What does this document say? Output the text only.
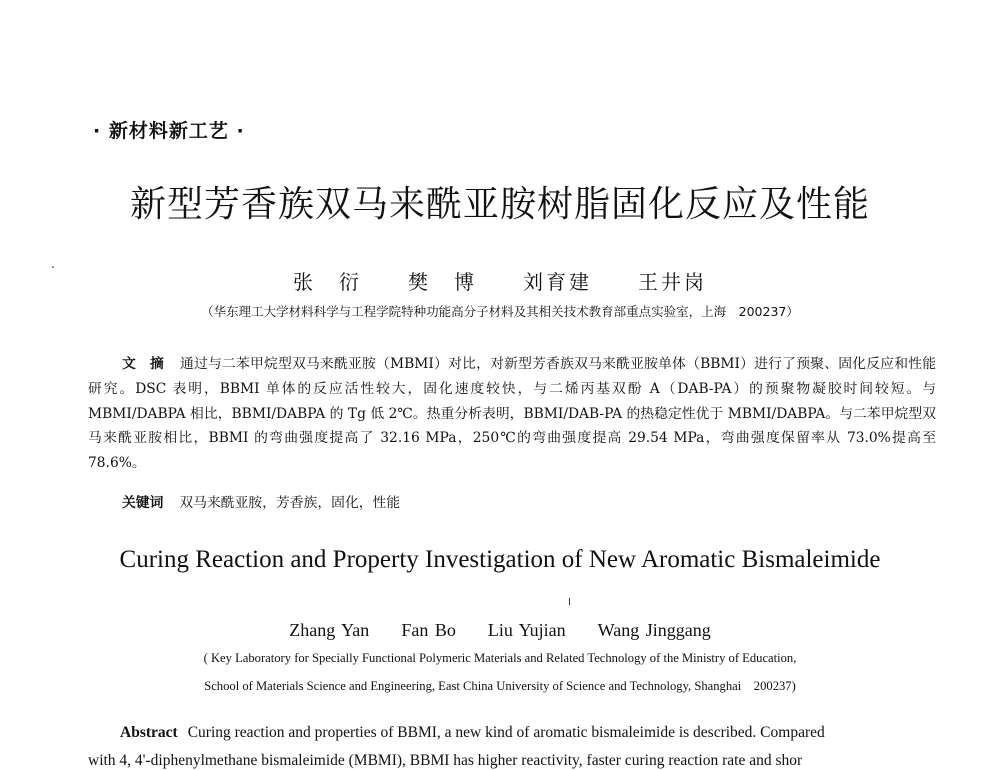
· 新材料新工艺 ·
新型芳香族双马来酰亚胺树脂固化反应及性能
张　衍　　樊　博　　刘育建　　王井岗
（华东理工大学材料科学与工程学院特种功能高分子材料及其相关技术教育部重点实验室，上海　200237）
文　摘 通过与二苯甲烷型双马来酰亚胺（MBMI）对比，对新型芳香族双马来酰亚胺单体（BBMI）进行了预聚、固化反应和性能研究。DSC 表明，BBMI 单体的反应活性较大，固化速度较快，与二烯丙基双酚 A（DAB-PA）的预聚物凝胶时间较短。与 MBMI/DABPA 相比，BBMI/DABPA 的 Tg 低 2℃。热重分析表明，BBMI/DAB-PA 的热稳定性优于 MBMI/DABPA。与二苯甲烷型双马来酰亚胺相比，BBMI 的弯曲强度提高了 32.16 MPa，250℃的弯曲强度提高 29.54 MPa，弯曲强度保留率从 73.0%提高至 78.6%。
关键词 双马来酰亚胺，芳香族，固化，性能
Curing Reaction and Property Investigation of New Aromatic Bismaleimide
Zhang Yan Fan Bo Liu Yujian Wang Jinggang
( Key Laboratory for Specially Functional Polymeric Materials and Related Technology of the Ministry of Education,
School of Materials Science and Engineering, East China University of Science and Technology, Shanghai　200237)
Abstract Curing reaction and properties of BBMI, a new kind of aromatic bismaleimide is described. Compared
with 4, 4'-diphenylmethane bismaleimide (MBMI), BBMI has higher reactivity, faster curing reaction rate and shor
